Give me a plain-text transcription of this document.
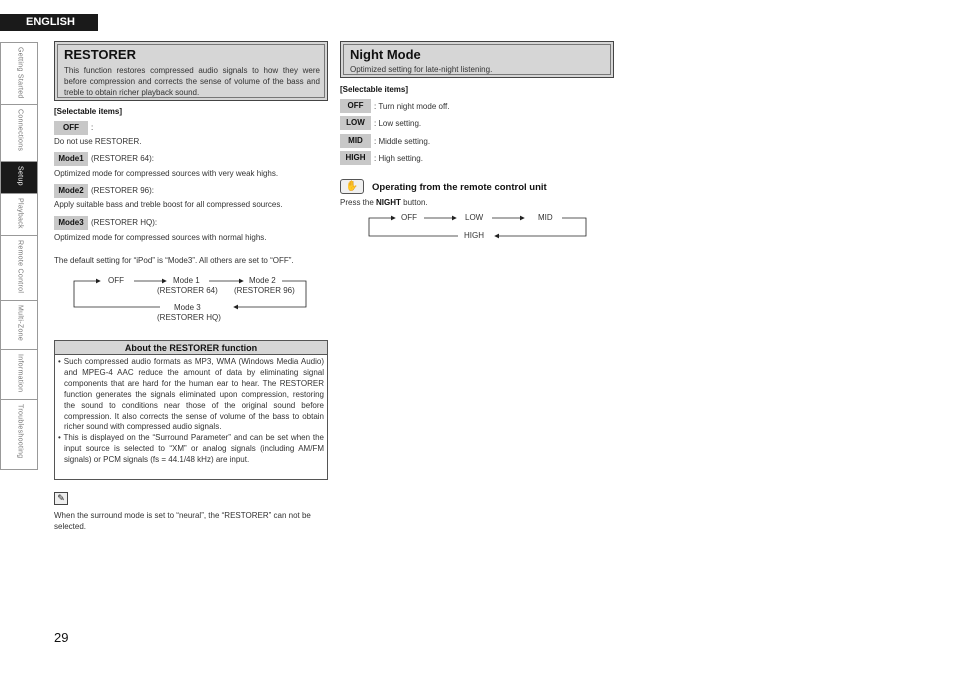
ENGLISH
Getting Started
Connections
Setup
Playback
Remote Control
Multi-Zone
Information
Troubleshooting
RESTORER
This function restores compressed audio signals to how they were before compression and corrects the sense of volume of the bass and treble to obtain richer playback sound.
[Selectable items]
OFF	:
Do not use RESTORER.
Mode1 (RESTORER 64):
Optimized mode for compressed sources with very weak highs.
Mode2 (RESTORER 96):
Apply suitable bass and treble boost for all compressed sources.
Mode3 (RESTORER HQ):
Optimized mode for compressed sources with normal highs.
The default setting for “iPod” is “Mode3”. All others are set to “OFF”.
OFF	Mode 1
(RESTORER 64)
Mode 2
(RESTORER 96)
Mode 3
(RESTORER HQ)
About the RESTORER function
• Such compressed audio formats as MP3, WMA (Windows Media Audio) and MPEG-4 AAC reduce the amount of data by eliminating signal components that are hard for the human ear to hear. The RESTORER function generates the signals eliminated upon compression, restoring the sound to conditions near those of the original sound before compression. It also corrects the sense of volume of the bass to obtain richer sound with compressed audio signals.
• This is displayed on the “Surround Parameter” and can be set when the input source is selected to “XM” or analog signals (including AM/FM signals) or PCM signals (fs = 44.1/48 kHz) are input.
✎
When the surround mode is set to “neural”, the “RESTORER” can not be selected.
Night Mode
Optimized setting for late-night listening.
[Selectable items]
OFF	: Turn night mode off.
LOW	: Low setting.
MID	: Middle setting.
HIGH	: High setting.
✋	Operating from the remote control unit
Press the NIGHT button.
OFF	LOW	MID
HIGH
29
